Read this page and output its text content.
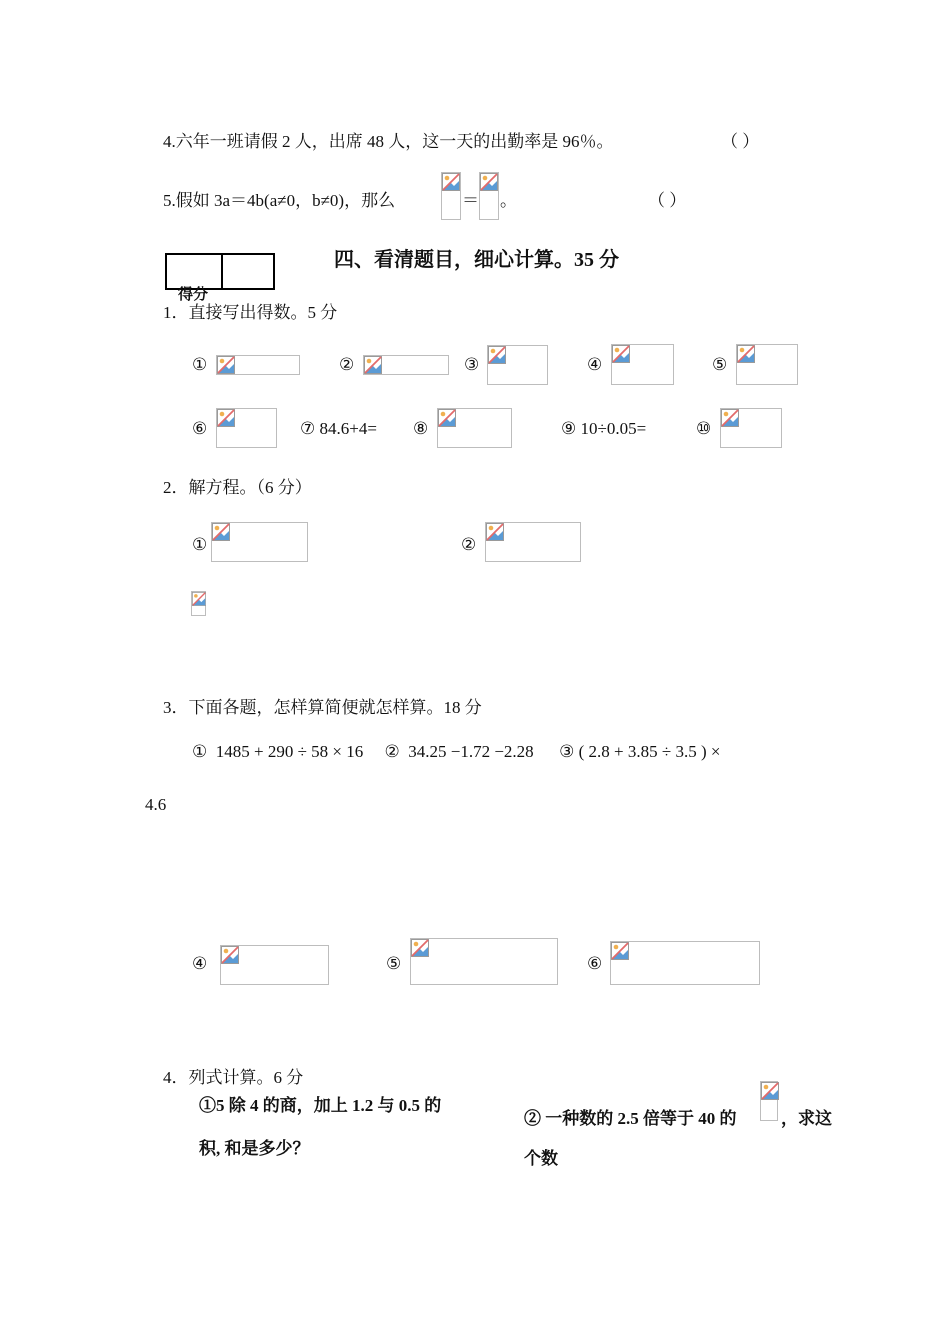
4.六年一班请假 2 人，出席 48 人，这一天的出勤率是 96％。	（ ）
5.假如 3a＝4b(a≠0，b≠0)，那么	＝ 。	（ ）
得分
四、看清题目，细心计算。35 分
1．直接写出得数。5 分
①	②	③	④	⑤
⑥	⑦ 84.6+4= ⑧	⑨ 10÷0.05=	⑩
2．解方程。（6 分）
①	②
3．下面各题，怎样算简便就怎样算。18 分
①  1485 + 290 ÷ 58 × 16     ②  34.25 −1.72 −2.28      ③ ( 2.8 + 3.85 ÷ 3.5 ) ×
4.6
④	⑤	⑥
4．列式计算。6 分
①5 除 4 的商，加上 1.2 与 0.5 的
积, 和是多少？
② 一种数的 2.5 倍等于 40 的	，求这
个数
